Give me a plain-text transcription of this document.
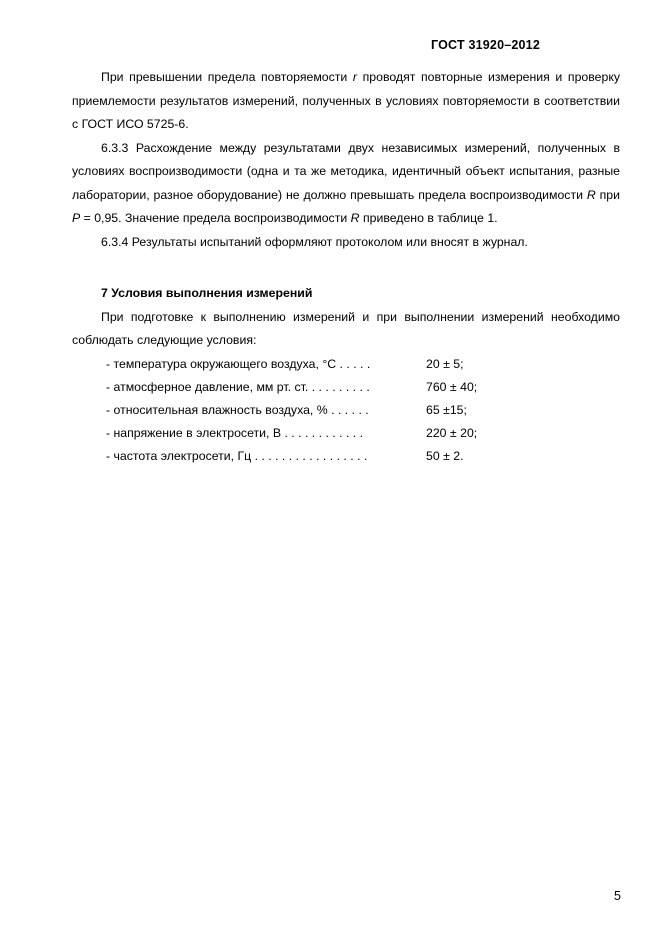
ГОСТ 31920–2012

При превышении предела повторяемости r проводят повторные измерения и проверку приемлемости результатов измерений, полученных в условиях повторяемости в соответствии с ГОСТ ИСО 5725-6.

6.3.3 Расхождение между результатами двух независимых измерений, полученных в условиях воспроизводимости (одна и та же методика, идентичный объект испытания, разные лаборатории, разное оборудование) не должно превышать предела воспроизводимости R при P = 0,95. Значение предела воспроизводимости R приведено в таблице 1.

6.3.4 Результаты испытаний оформляют протоколом или вносят в журнал.

7 Условия выполнения измерений

При подготовке к выполнению измерений и при выполнении измерений необходимо соблюдать следующие условия:

- температура окружающего воздуха, °С . . . . .	20 ± 5;
- атмосферное давление, мм рт. ст. . . . . . . . . .	760 ± 40;
- относительная влажность воздуха, % . . . . . .	65 ±15;
- напряжение в электросети, В . . . . . . . . . . . .	220 ± 20;
- частота электросети, Гц . . . . . . . . . . . . . . . . .	50 ± 2.
5
